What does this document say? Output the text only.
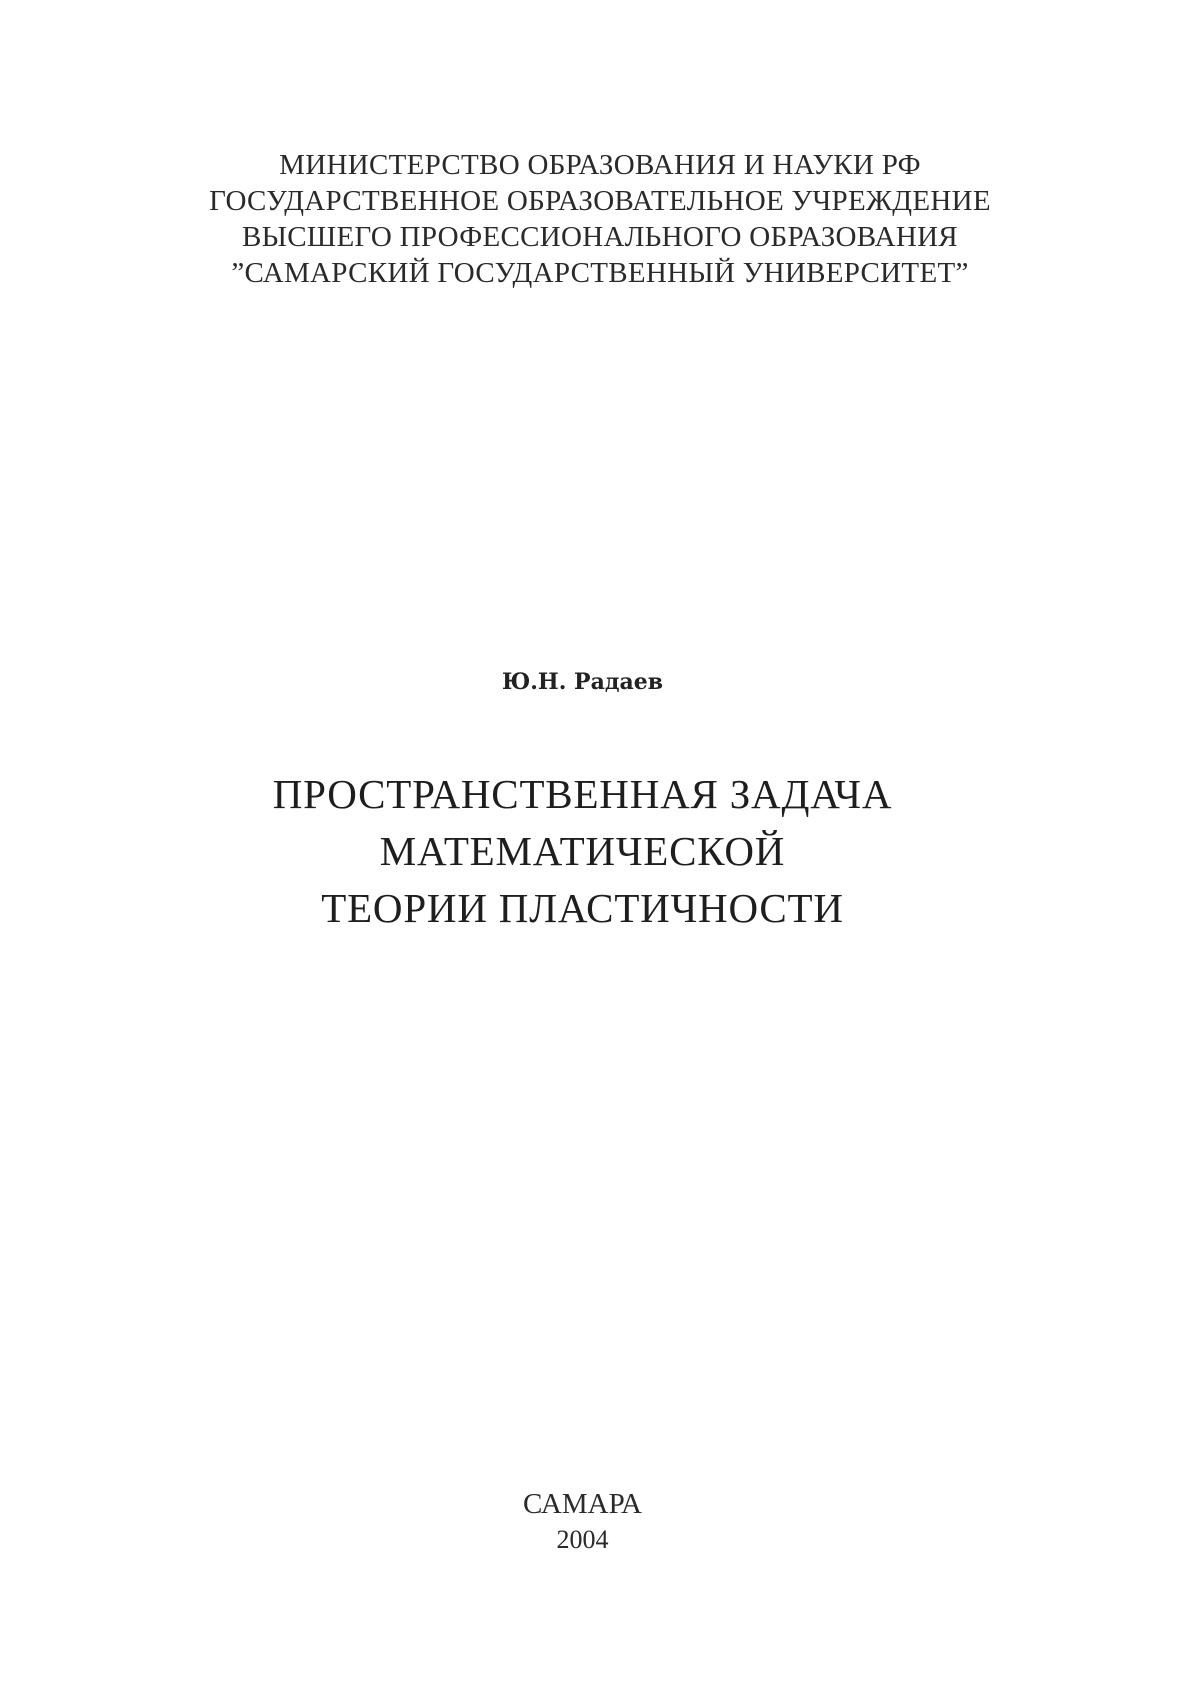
МИНИСТЕРСТВО ОБРАЗОВАНИЯ И НАУКИ РФ
ГОСУДАРСТВЕННОЕ ОБРАЗОВАТЕЛЬНОЕ УЧРЕЖДЕНИЕ
ВЫСШЕГО ПРОФЕССИОНАЛЬНОГО ОБРАЗОВАНИЯ
”САМАРСКИЙ ГОСУДАРСТВЕННЫЙ УНИВЕРСИТЕТ”
Ю.Н. Радаев
ПРОСТРАНСТВЕННАЯ ЗАДАЧА
МАТЕМАТИЧЕСКОЙ
ТЕОРИИ ПЛАСТИЧНОСТИ
САМАРА
2004
